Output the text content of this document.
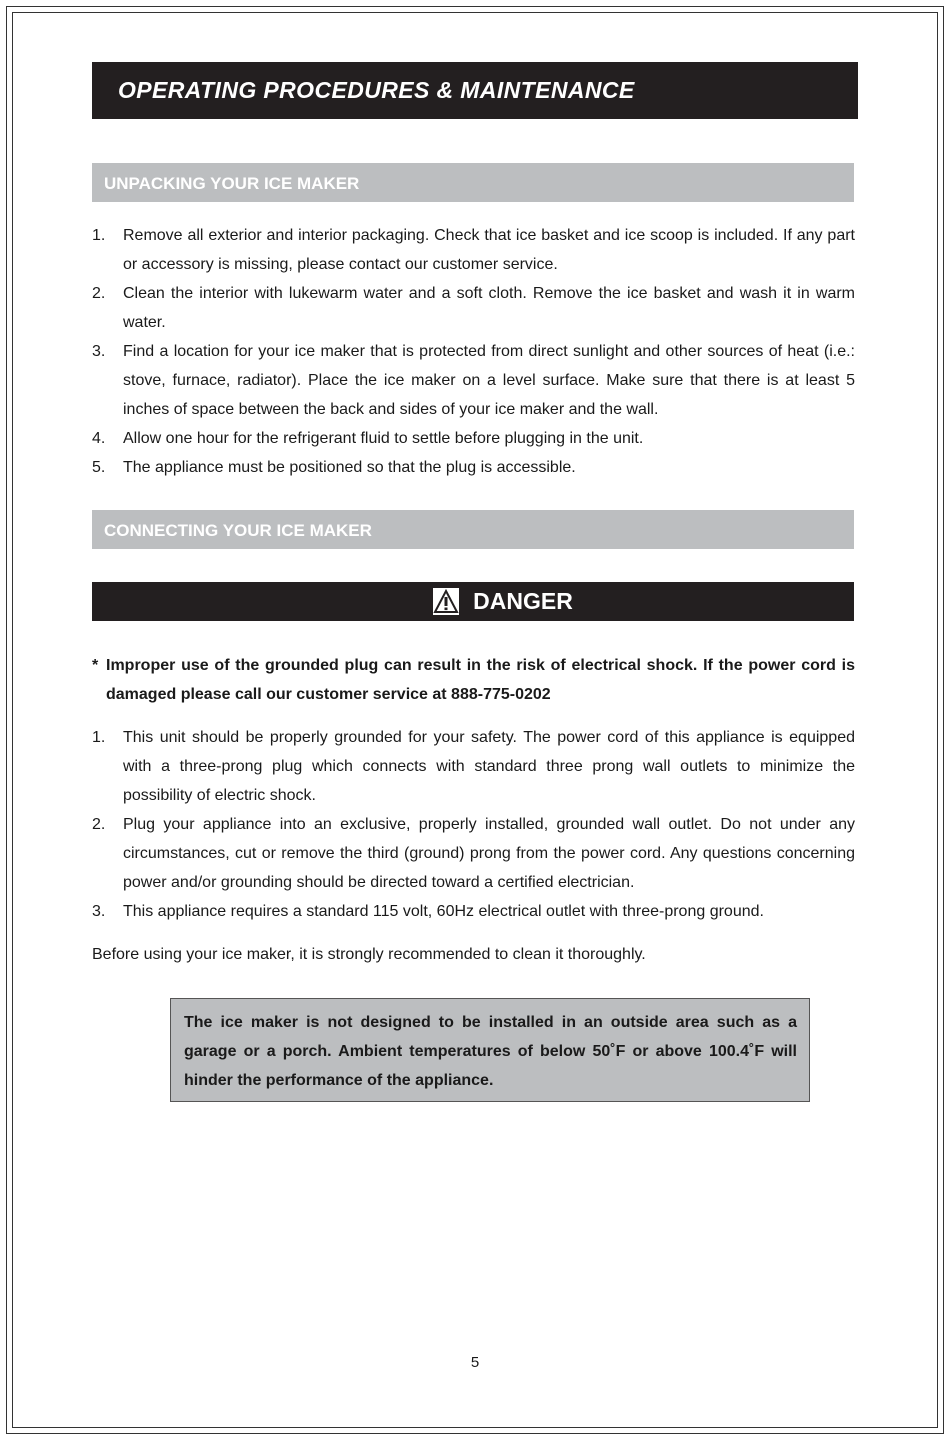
OPERATING PROCEDURES & MAINTENANCE
UNPACKING YOUR ICE MAKER
1.	Remove all exterior and interior packaging. Check that ice basket and ice scoop is included. If any part or accessory is missing, please contact our customer service.
2.	Clean the interior with lukewarm water and a soft cloth. Remove the ice basket and wash it in warm water.
3.	Find a location for your ice maker that is protected from direct sunlight and other sources of heat (i.e.: stove, furnace, radiator). Place the ice maker on a level surface. Make sure that there is at least 5 inches of space between the back and sides of your ice maker and the wall.
4.	Allow one hour for the refrigerant fluid to settle before plugging in the unit.
5.	The appliance must be positioned so that the plug is accessible.
CONNECTING YOUR ICE MAKER
DANGER
* Improper use of the grounded plug can result in the risk of electrical shock. If the power cord is damaged please call our customer service at 888-775-0202
1.	This unit should be properly grounded for your safety. The power cord of this appliance is equipped with a three-prong plug which connects with standard three prong wall outlets to minimize the possibility of electric shock.
2.	Plug your appliance into an exclusive, properly installed, grounded wall outlet. Do not under any circumstances, cut or remove the third (ground) prong from the power cord. Any questions concerning power and/or grounding should be directed toward a certified electrician.
3.	This appliance requires a standard 115 volt, 60Hz electrical outlet with three-prong ground.
Before using your ice maker, it is strongly recommended to clean it thoroughly.
The ice maker is not designed to be installed in an outside area such as a garage or a porch. Ambient temperatures of below 50˚F or above 100.4˚F will hinder the performance of the appliance.
5
